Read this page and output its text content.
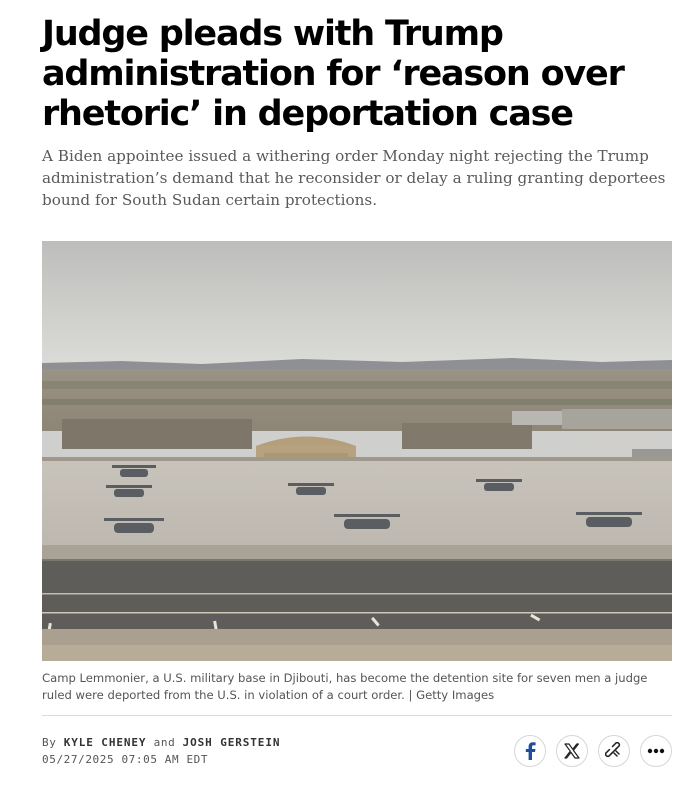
Judge pleads with Trump administration for ‘reason over rhetoric’ in deportation case

A Biden appointee issued a withering order Monday night rejecting the Trump administration’s demand that he reconsider or delay a ruling granting deportees bound for South Sudan certain protections.

Camp Lemmonier, a U.S. military base in Djibouti, has become the detention site for seven men a judge ruled were deported from the U.S. in violation of a court order. | Getty Images

By KYLE CHENEY and JOSH GERSTEIN
05/27/2025 07:05 AM EDT
